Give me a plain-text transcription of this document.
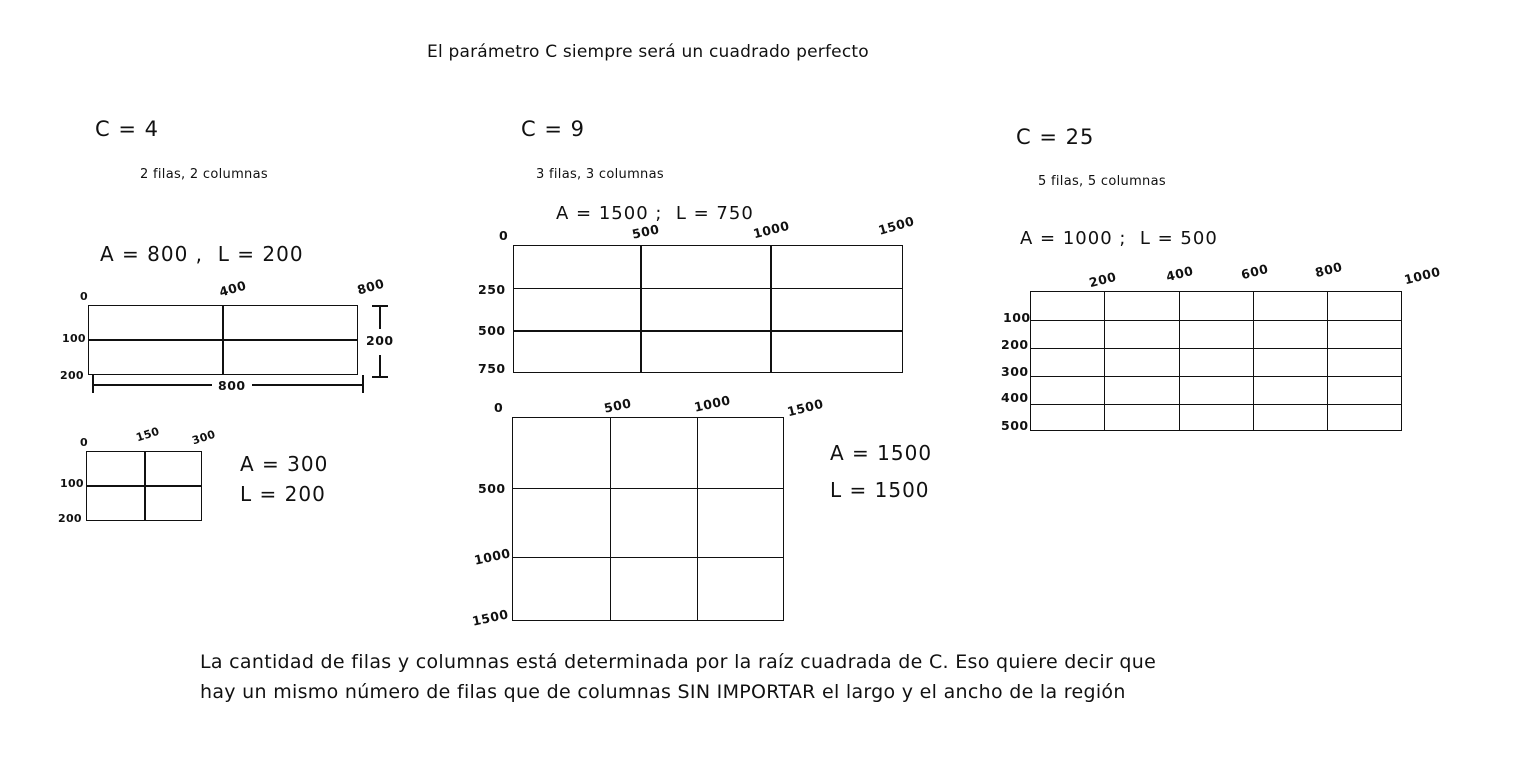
El parámetro C siempre será un cuadrado perfecto
C = 4
2 filas, 2 columnas
A = 800 ,  L = 200
0	400	800
100
200
800
200
0	150	300
100
200
A = 300
L = 200
C = 9
3 filas, 3 columnas
A = 1500 ;  L = 750
0	500	1000	1500
250
500
750
0	500	1000	1500
500
1000
1500
A = 1500
L = 1500
C = 25
5 filas, 5 columnas
A = 1000 ;  L = 500
200	400	600	800	1000
100
200
300
400
500
La cantidad de filas y columnas está determinada por la raíz cuadrada de C. Eso quiere decir que
hay un mismo número de filas que de columnas SIN IMPORTAR el largo y el ancho de la región
